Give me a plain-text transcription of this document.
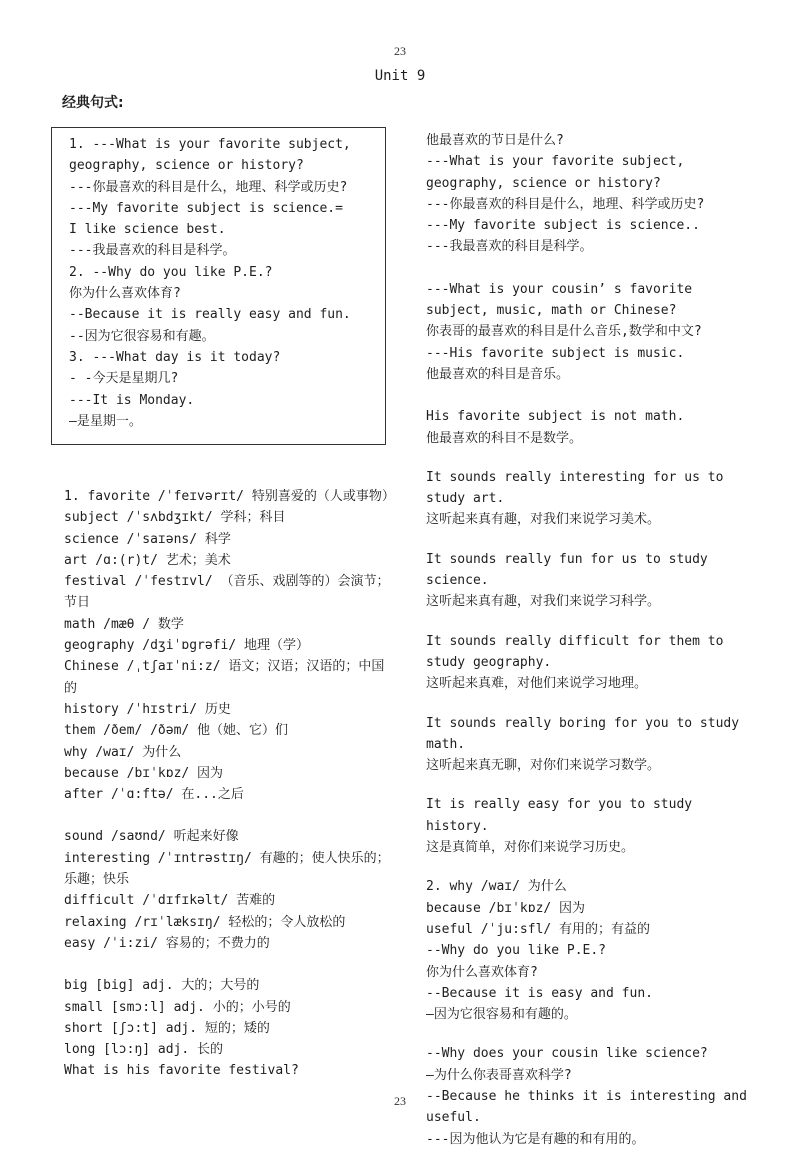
23
Unit 9
经典句式:

1. ---What is your favorite subject,

geography, science or history?

---你最喜欢的科目是什么，地理、科学或历史?

---My favorite subject is science.=

I like science best.

---我最喜欢的科目是科学。

2. --Why do you like P.E.?

你为什么喜欢体育?

--Because it is really easy and fun.

--因为它很容易和有趣。

3. ---What day is it today?

- -今天是星期几?

---It is Monday.

—是星期一。

1. favorite /ˈfeɪvərɪt/ 特别喜爱的（人或事物）

subject /ˈsʌbdʒɪkt/ 学科；科目

science /ˈsaɪəns/ 科学

art /ɑ:(r)t/ 艺术；美术

festival /ˈfestɪvl/ （音乐、戏剧等的）会演节；节日

math /mæθ / 数学

geography /dʒiˈɒgrəfi/ 地理（学）

Chinese /ˌtʃaɪˈni:z/ 语文；汉语；汉语的；中国的

history /ˈhɪstri/ 历史

them /ðem/ /ðəm/ 他（她、它）们

why /waɪ/ 为什么

because /bɪˈkɒz/ 因为

after /ˈɑ:ftə/ 在...之后

sound /saʊnd/ 听起来好像

interesting /ˈɪntrəstɪŋ/ 有趣的；使人快乐的；乐趣；快乐

difficult /ˈdɪfɪkəlt/ 苦难的

relaxing /rɪˈlæksɪŋ/ 轻松的；令人放松的

easy /ˈi:zi/ 容易的；不费力的

big [big] adj. 大的；大号的

small [smɔ:l] adj. 小的；小号的

short [ʃɔ:t] adj. 短的；矮的

long [lɔ:ŋ] adj. 长的

What is his favorite festival?

他最喜欢的节日是什么?

---What is your favorite subject, geography, science or history?

---你最喜欢的科目是什么，地理、科学或历史?

---My favorite subject is science..

---我最喜欢的科目是科学。

---What is your cousin’ s favorite subject, music, math or Chinese?

你表哥的最喜欢的科目是什么音乐,数学和中文?

---His favorite subject is music.

他最喜欢的科目是音乐。

His favorite subject is not math.

他最喜欢的科目不是数学。

It sounds really interesting for us to study art.

这听起来真有趣，对我们来说学习美术。

It sounds really fun for us to study science.

这听起来真有趣，对我们来说学习科学。

It sounds really difficult for them to study geography.

这听起来真难，对他们来说学习地理。

It sounds really boring for you to study math.

这听起来真无聊，对你们来说学习数学。

It is really easy for you to study history.

这是真简单，对你们来说学习历史。

2. why /waɪ/ 为什么

because /bɪˈkɒz/ 因为

useful /ˈju:sfl/ 有用的；有益的

--Why do you like P.E.?

你为什么喜欢体育?

--Because it is easy and fun.

—因为它很容易和有趣的。

--Why does your cousin like science?

—为什么你表哥喜欢科学?

--Because he thinks it is interesting and useful.

---因为他认为它是有趣的和有用的。

23
